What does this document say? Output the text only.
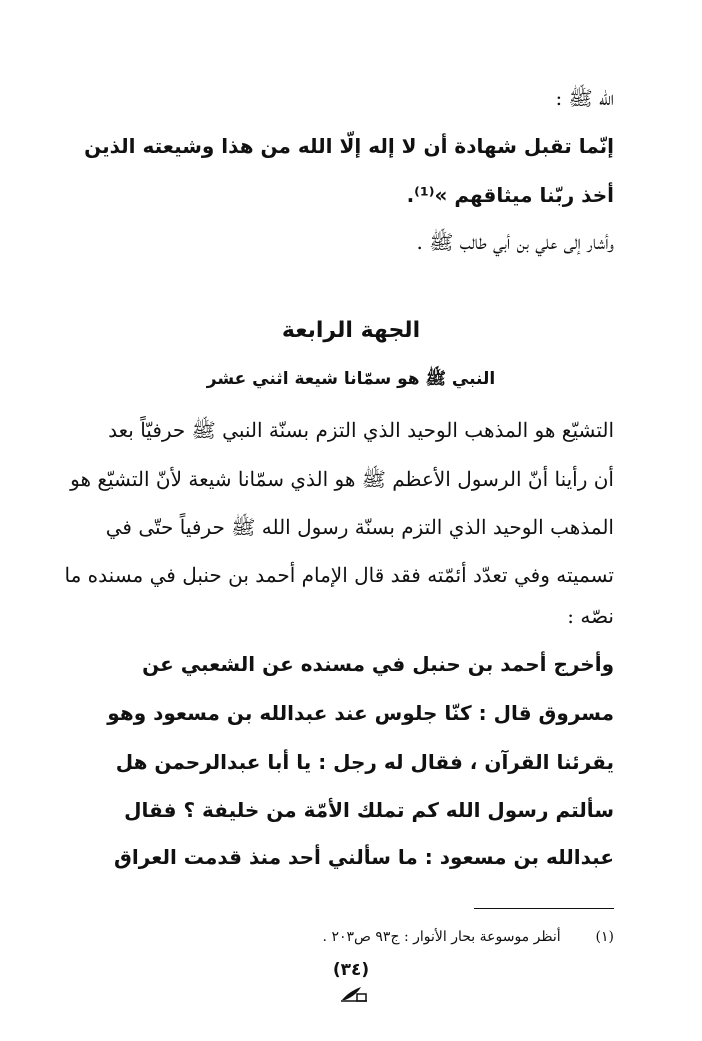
الله ﷺ :
إنّما تقبل شهادة أن لا إله إلّا الله من هذا وشيعته الذين
أخذ ربّنا ميثاقهم »⁽¹⁾.
وأشار إلى علي بن أبي طالب ﷺ .
الجهة الرابعة
النبي ﷺ هو سمّانا شيعة اثني عشر
التشيّع هو المذهب الوحيد الذي التزم بسنّة النبي ﷺ حرفيّاً بعد
أن رأينا أنّ الرسول الأعظم ﷺ هو الذي سمّانا شيعة لأنّ التشيّع هو
المذهب الوحيد الذي التزم بسنّة رسول الله ﷺ حرفياً حتّى في
تسميته وفي تعدّد أئمّته فقد قال الإمام أحمد بن حنبل في مسنده ما
نصّه :
وأخرج أحمد بن حنبل في مسنده عن الشعبي عن
مسروق قال : كنّا جلوس عند عبدالله بن مسعود وهو
يقرئنا القرآن ، فقال له رجل : يا أبا عبدالرحمن هل
سألتم رسول الله كم تملك الأمّة من خليفة ؟ فقال
عبدالله بن مسعود : ما سألني أحد منذ قدمت العراق
(١)  أنظر موسوعة بحار الأنوار : ج٩٣ ص٢٠٣ .
(٣٤)
